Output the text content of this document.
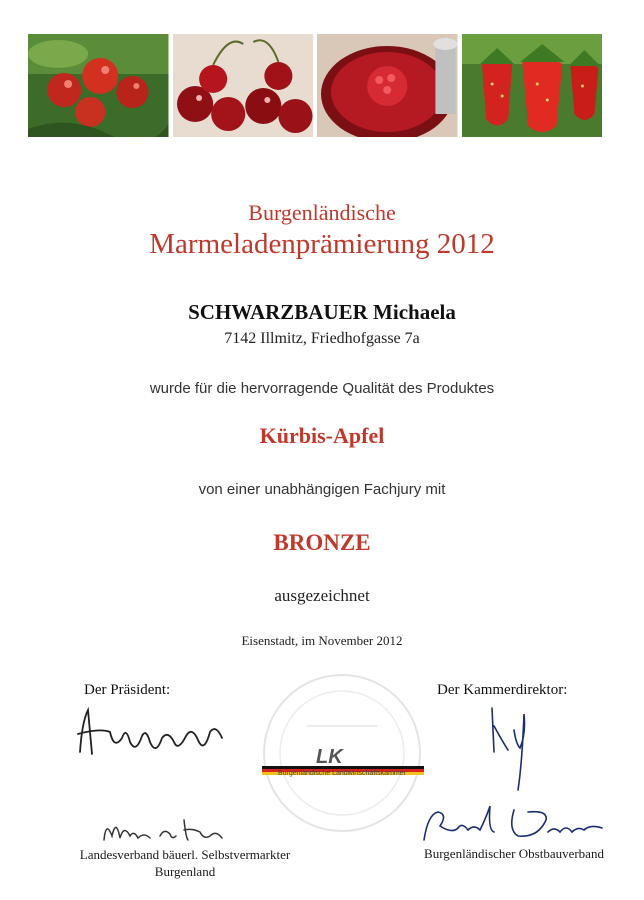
Burgenländische
Marmeladenprämierung 2012
SCHWARZBAUER Michaela
7142 Illmitz, Friedhofgasse 7a
wurde für die hervorragende Qualität des Produktes
Kürbis-Apfel
von einer unabhängigen Fachjury mit
BRONZE
ausgezeichnet
Eisenstadt, im November 2012
LK
Burgenländische Landwirtschaftskammer
Der Präsident:	Der Kammerdirektor:
Landesverband bäuerl. Selbstvermarkter
Burgenland
Burgenländischer Obstbauverband
